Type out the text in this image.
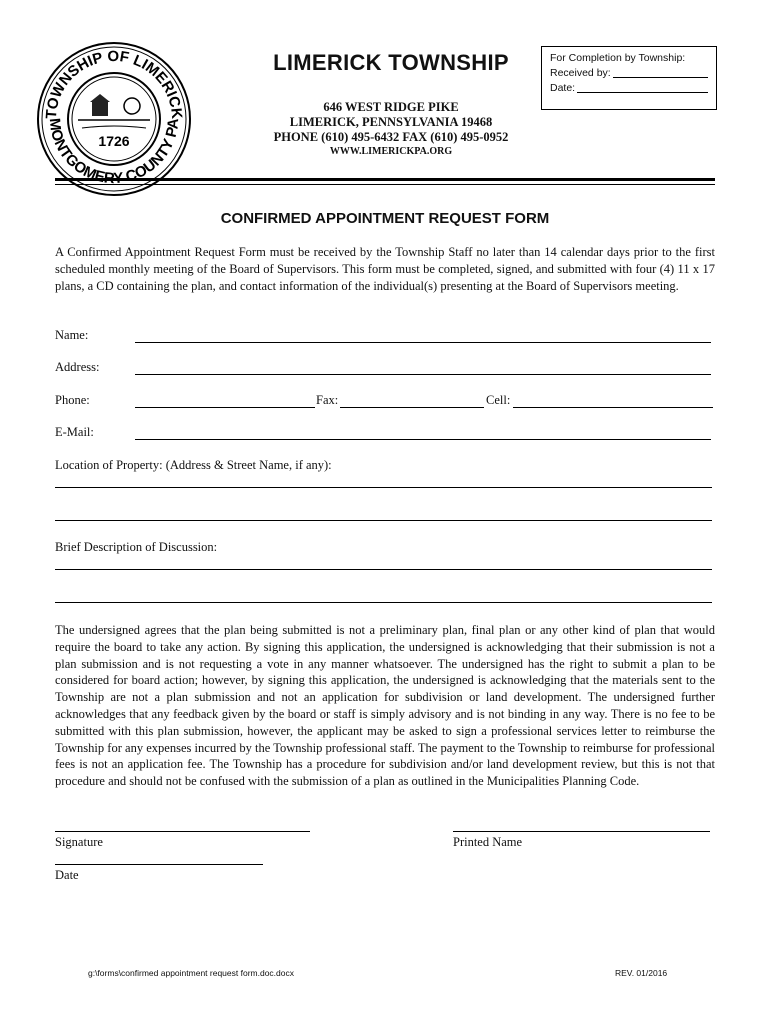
TOWNSHIP OF LIMERICK
MONTGOMERY COUNTY PA
1726
LIMERICK TOWNSHIP
646 WEST RIDGE PIKE
LIMERICK, PENNSYLVANIA 19468
PHONE (610) 495-6432 FAX (610) 495-0952
WWW.LIMERICKPA.ORG
For Completion by Township:
Received by:
Date:
CONFIRMED APPOINTMENT REQUEST FORM
A Confirmed Appointment Request Form must be received by the Township Staff no later than 14 calendar days prior to the first scheduled monthly meeting of the Board of Supervisors. This form must be completed, signed, and submitted with four (4) 11 x 17 plans, a CD containing the plan, and contact information of the individual(s) presenting at the Board of Supervisors meeting.
Name:
Address:
Phone:	Fax:	Cell:
E-Mail:
Location of Property: (Address & Street Name, if any):
Brief Description of Discussion:
The undersigned agrees that the plan being submitted is not a preliminary plan, final plan or any other kind of plan that would require the board to take any action. By signing this application, the undersigned is acknowledging that their submission is not a plan submission and is not requesting a vote in any manner whatsoever. The undersigned has the right to submit a plan to be considered for board action; however, by signing this application, the undersigned is acknowledging that the materials sent to the Township are not a plan submission and not an application for subdivision or land development. The undersigned further acknowledges that any feedback given by the board or staff is simply advisory and is not binding in any way. There is no fee to be submitted with this plan submission, however, the applicant may be asked to sign a professional services letter to reimburse the Township for any expenses incurred by the Township professional staff. The payment to the Township to reimburse for professional fees is not an application fee. The Township has a procedure for subdivision and/or land development review, but this is not that procedure and should not be confused with the submission of a plan as outlined in the Municipalities Planning Code.
Signature	Printed Name
Date
g:\forms\confirmed appointment request form.doc.docx	REV. 01/2016
